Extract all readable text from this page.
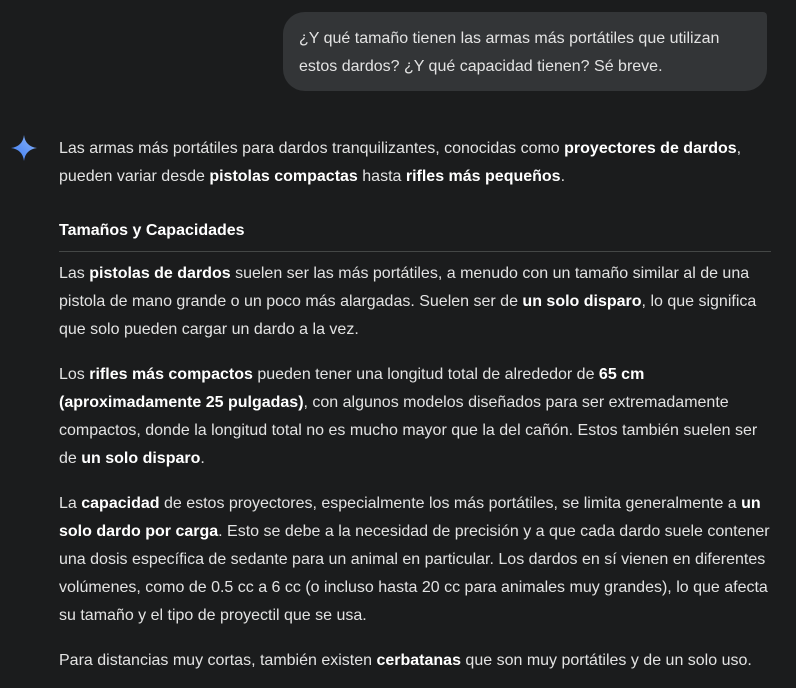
¿Y qué tamaño tienen las armas más portátiles que utilizan
estos dardos? ¿Y qué capacidad tienen? Sé breve.

Las armas más portátiles para dardos tranquilizantes, conocidas como proyectores de dardos, pueden variar desde pistolas compactas hasta rifles más pequeños.

Tamaños y Capacidades

Las pistolas de dardos suelen ser las más portátiles, a menudo con un tamaño similar al de una pistola de mano grande o un poco más alargadas. Suelen ser de un solo disparo, lo que significa que solo pueden cargar un dardo a la vez.

Los rifles más compactos pueden tener una longitud total de alrededor de 65 cm (aproximadamente 25 pulgadas), con algunos modelos diseñados para ser extremadamente compactos, donde la longitud total no es mucho mayor que la del cañón. Estos también suelen ser de un solo disparo.

La capacidad de estos proyectores, especialmente los más portátiles, se limita generalmente a un solo dardo por carga. Esto se debe a la necesidad de precisión y a que cada dardo suele contener una dosis específica de sedante para un animal en particular. Los dardos en sí vienen en diferentes volúmenes, como de 0.5 cc a 6 cc (o incluso hasta 20 cc para animales muy grandes), lo que afecta su tamaño y el tipo de proyectil que se usa.

Para distancias muy cortas, también existen cerbatanas que son muy portátiles y de un solo uso.
